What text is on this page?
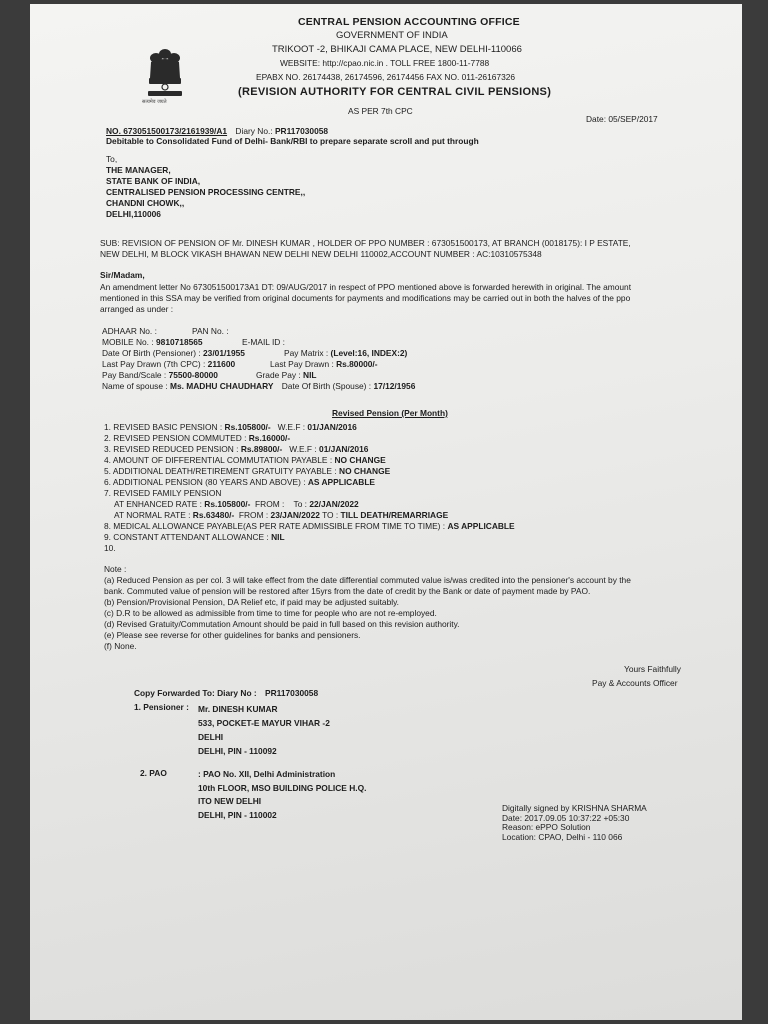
सत्यमेव जयते
CENTRAL PENSION ACCOUNTING OFFICE
GOVERNMENT OF INDIA
TRIKOOT -2, BHIKAJI CAMA PLACE, NEW DELHI-110066
WEBSITE: http://cpao.nic.in . TOLL FREE 1800-11-7788
EPABX NO. 26174438, 26174596, 26174456 FAX NO. 011-26167326
(REVISION AUTHORITY FOR CENTRAL CIVIL PENSIONS)
AS PER 7th CPC
Date: 05/SEP/2017
NO. 673051500173/2161939/A1 Diary No.: PR117030058
Debitable to Consolidated Fund of Delhi- Bank/RBI to prepare separate scroll and put through
To,
THE MANAGER,
STATE BANK OF INDIA,
CENTRALISED PENSION PROCESSING CENTRE,,
CHANDNI CHOWK,,
DELHI,110006
SUB: REVISION OF PENSION OF Mr. DINESH KUMAR , HOLDER OF PPO NUMBER : 673051500173, AT BRANCH (0018175): I P ESTATE,
NEW DELHI, M BLOCK VIKASH BHAWAN NEW DELHI NEW DELHI 110002,ACCOUNT NUMBER : AC:10310575348
Sir/Madam,
An amendment letter No 673051500173A1 DT: 09/AUG/2017 in respect of PPO mentioned above is forwarded herewith in original. The amount
mentioned in this SSA may be verified from original documents for payments and modifications may be carried out in both the halves of the ppo
arranged as under :
ADHAAR No. :	PAN No. :
MOBILE No. : 9810718565	E-MAIL ID :
Date Of Birth (Pensioner) : 23/01/1955	Pay Matrix : (Level:16, INDEX:2)
Last Pay Drawn (7th CPC) : 211600	Last Pay Drawn : Rs.80000/-
Pay Band/Scale : 75500-80000	Grade Pay : NIL
Name of spouse : Ms. MADHU CHAUDHARY Date Of Birth (Spouse) : 17/12/1956
Revised Pension (Per Month)
1. REVISED BASIC PENSION : Rs.105800/- W.E.F : 01/JAN/2016
2. REVISED PENSION COMMUTED : Rs.16000/-
3. REVISED REDUCED PENSION : Rs.89800/- W.E.F : 01/JAN/2016
4. AMOUNT OF DIFFERENTIAL COMMUTATION PAYABLE : NO CHANGE
5. ADDITIONAL DEATH/RETIREMENT GRATUITY PAYABLE : NO CHANGE
6. ADDITIONAL PENSION (80 YEARS AND ABOVE) : AS APPLICABLE
7. REVISED FAMILY PENSION
AT ENHANCED RATE : Rs.105800/- FROM : To : 22/JAN/2022
AT NORMAL RATE : Rs.63480/- FROM : 23/JAN/2022 TO : TILL DEATH/REMARRIAGE
8. MEDICAL ALLOWANCE PAYABLE(AS PER RATE ADMISSIBLE FROM TIME TO TIME) : AS APPLICABLE
9. CONSTANT ATTENDANT ALLOWANCE : NIL
10.
Note :
(a) Reduced Pension as per col. 3 will take effect from the date differential commuted value is/was credited into the pensioner's account by the
bank. Commuted value of pension will be restored after 15yrs from the date of credit by the Bank or date of payment made by PAO.
(b) Pension/Provisional Pension, DA Relief etc, if paid may be adjusted suitably.
(c) D.R to be allowed as admissible from time to time for people who are not re-employed.
(d) Revised Gratuity/Commutation Amount should be paid in full based on this revision authority.
(e) Please see reverse for other guidelines for banks and pensioners.
(f) None.
Yours Faithfully
Pay & Accounts Officer
Copy Forwarded To: Diary No : PR117030058
1. Pensioner : Mr. DINESH KUMAR
533, POCKET-E MAYUR VIHAR -2
DELHI
DELHI, PIN - 110092
2. PAO	: PAO No. XII, Delhi Administration
10th FLOOR, MSO BUILDING POLICE H.Q.
ITO NEW DELHI
DELHI, PIN - 110002
Digitally signed by KRISHNA SHARMA
Date: 2017.09.05 10:37:22 +05:30
Reason: ePPO Solution
Location: CPAO, Delhi - 110 066
